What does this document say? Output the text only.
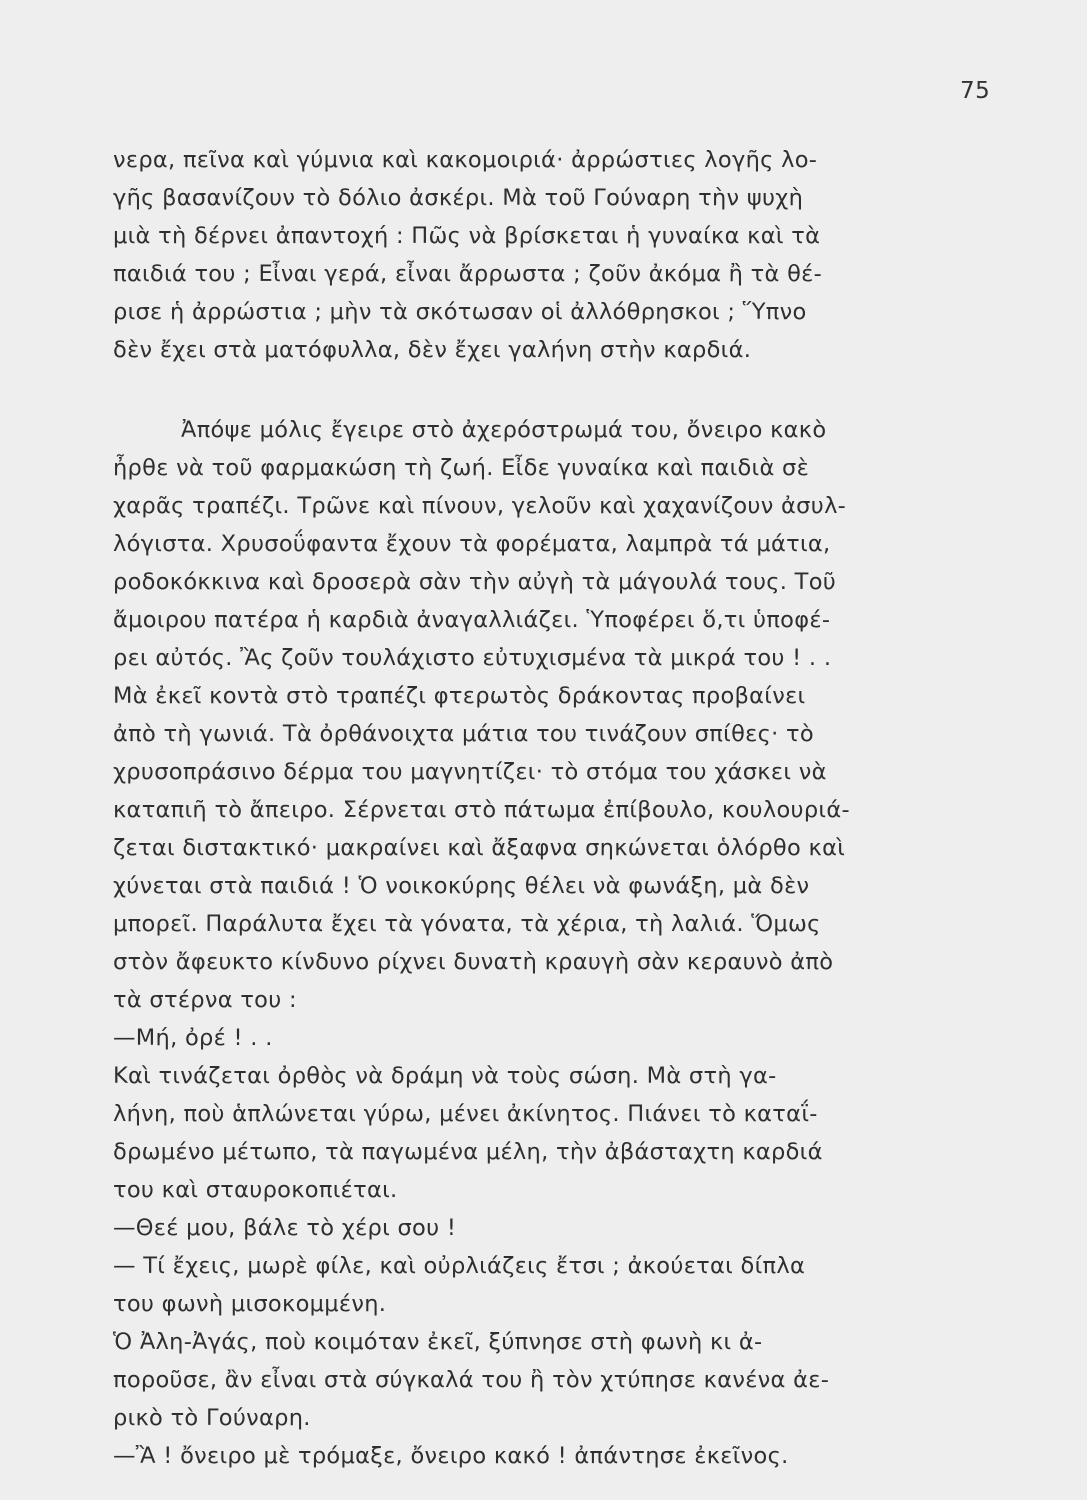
75
νερα, πεῖνα καὶ γύμνια καὶ κακομοιριά· ἀρρώστιες λογῆς λο-
γῆς βασανίζουν τὸ δόλιο ἀσκέρι. Μὰ τοῦ Γούναρη τὴν ψυχὴ
μιὰ τὴ δέρνει ἀπαντοχή : Πῶς νὰ βρίσκεται ἡ γυναίκα καὶ τὰ
παιδιά του ; Εἶναι γερά, εἶναι ἄρρωστα ; ζοῦν ἀκόμα ἢ τὰ θέ-
ρισε ἡ ἀρρώστια ; μὴν τὰ σκότωσαν οἱ ἀλλόθρησκοι ; Ὕπνο
δὲν ἔχει στὰ ματόφυλλα, δὲν ἔχει γαλήνη στὴν καρδιά.
Ἀπόψε μόλις ἔγειρε στὸ ἀχερόστρωμά του, ὄνειρο κακὸ
ἦρθε νὰ τοῦ φαρμακώση τὴ ζωή. Εἶδε γυναίκα καὶ παιδιὰ σὲ
χαρᾶς τραπέζι. Τρῶνε καὶ πίνουν, γελοῦν καὶ χαχανίζουν ἀσυλ-
λόγιστα. Χρυσοΰφαντα ἔχουν τὰ φορέματα, λαμπρὰ τά μάτια,
ροδοκόκκινα καὶ δροσερὰ σὰν τὴν αὐγὴ τὰ μάγουλά τους. Τοῦ
ἄμοιρου πατέρα ἡ καρδιὰ ἀναγαλλιάζει. Ὑποφέρει ὅ,τι ὑποφέ-
ρει αὐτός. Ἂς ζοῦν τουλάχιστο εὐτυχισμένα τὰ μικρά του ! . .
Μὰ ἐκεῖ κοντὰ στὸ τραπέζι φτερωτὸς δράκοντας προβαίνει
ἀπὸ τὴ γωνιά. Τὰ ὀρθάνοιχτα μάτια του τινάζουν σπίθες· τὸ
χρυσοπράσινο δέρμα του μαγνητίζει· τὸ στόμα του χάσκει νὰ
καταπιῆ τὸ ἄπειρο. Σέρνεται στὸ πάτωμα ἐπίβουλο, κουλουριά-
ζεται διστακτικό· μακραίνει καὶ ἄξαφνα σηκώνεται ὁλόρθο καὶ
χύνεται στὰ παιδιά ! Ὁ νοικοκύρης θέλει νὰ φωνάξη, μὰ δὲν
μπορεῖ. Παράλυτα ἔχει τὰ γόνατα, τὰ χέρια, τὴ λαλιά. Ὅμως
στὸν ἄφευκτο κίνδυνο ρίχνει δυνατὴ κραυγὴ σὰν κεραυνὸ ἀπὸ
τὰ στέρνα του :
—Μή, ὀρέ ! . .
Καὶ τινάζεται ὀρθὸς νὰ δράμη νὰ τοὺς σώση. Μὰ στὴ γα-
λήνη, ποὺ ἁπλώνεται γύρω, μένει ἀκίνητος. Πιάνει τὸ καταΐ-
δρωμένο μέτωπο, τὰ παγωμένα μέλη, τὴν ἀβάσταχτη καρδιά
του καὶ σταυροκοπιέται.
—Θεέ μου, βάλε τὸ χέρι σου !
— Τί ἔχεις, μωρὲ φίλε, καὶ οὐρλιάζεις ἔτσι ; ἀκούεται δίπλα
του φωνὴ μισοκομμένη.
Ὁ Ἀλη-Ἀγάς, ποὺ κοιμόταν ἐκεῖ, ξύπνησε στὴ φωνὴ κι ἀ-
ποροῦσε, ἂν εἶναι στὰ σύγκαλά του ἢ τὸν χτύπησε κανένα ἀε-
ρικὸ τὸ Γούναρη.
—Ἂ ! ὄνειρο μὲ τρόμαξε, ὄνειρο κακό ! ἀπάντησε ἐκεῖνος.
